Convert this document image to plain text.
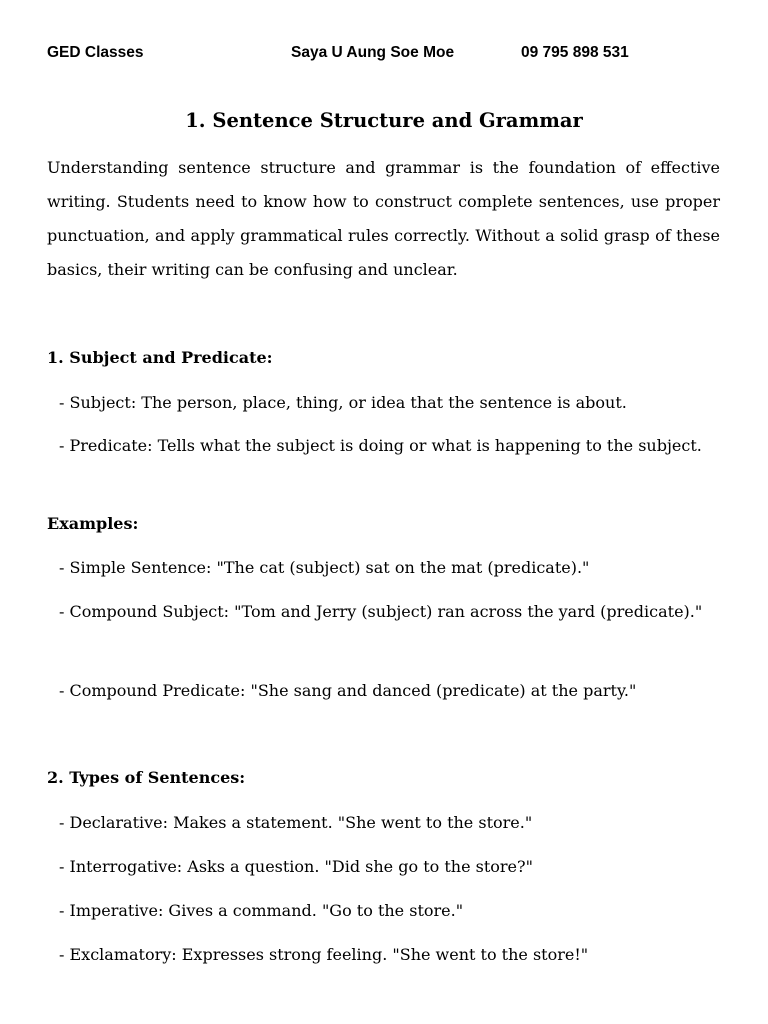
GED Classes	Saya U Aung Soe Moe	09 795 898 531
1. Sentence Structure and Grammar
Understanding sentence structure and grammar is the foundation of effective writing. Students need to know how to construct complete sentences, use proper punctuation, and apply grammatical rules correctly. Without a solid grasp of these basics, their writing can be confusing and unclear.
1. Subject and Predicate:
- Subject: The person, place, thing, or idea that the sentence is about.
- Predicate: Tells what the subject is doing or what is happening to the subject.
Examples:
- Simple Sentence: "The cat (subject) sat on the mat (predicate)."
- Compound Subject: "Tom and Jerry (subject) ran across the yard (predicate)."
- Compound Predicate: "She sang and danced (predicate) at the party."
2. Types of Sentences:
- Declarative: Makes a statement. "She went to the store."
- Interrogative: Asks a question. "Did she go to the store?"
- Imperative: Gives a command. "Go to the store."
- Exclamatory: Expresses strong feeling. "She went to the store!"
